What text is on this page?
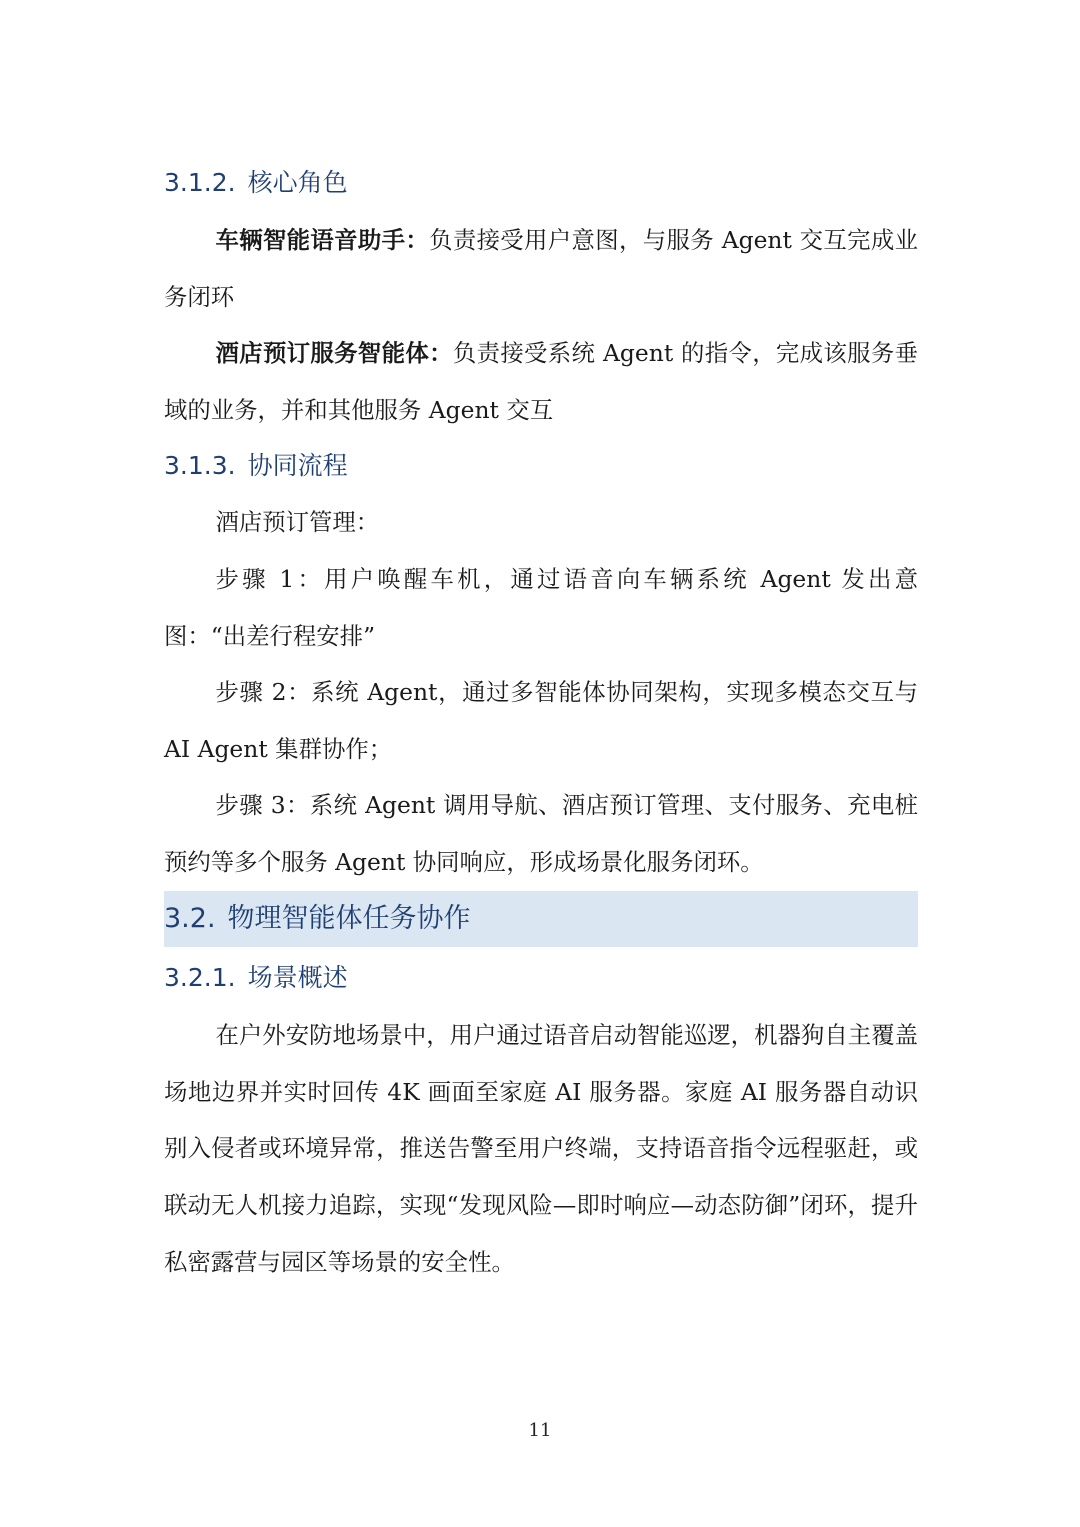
3.1.2. 核心角色

车辆智能语音助手：负责接受用户意图，与服务 Agent 交互完成业务闭环

酒店预订服务智能体：负责接受系统 Agent 的指令，完成该服务垂域的业务，并和其他服务 Agent 交互

3.1.3. 协同流程

酒店预订管理：

步骤 1：用户唤醒车机，通过语音向车辆系统 Agent 发出意图：“出差行程安排”

步骤 2：系统 Agent，通过多智能体协同架构，实现多模态交互与 AI Agent 集群协作；

步骤 3：系统 Agent 调用导航、酒店预订管理、支付服务、充电桩预约等多个服务 Agent 协同响应，形成场景化服务闭环。

3.2. 物理智能体任务协作
3.2.1. 场景概述

在户外安防地场景中，用户通过语音启动智能巡逻，机器狗自主覆盖场地边界并实时回传 4K 画面至家庭 AI 服务器。家庭 AI 服务器自动识别入侵者或环境异常，推送告警至用户终端，支持语音指令远程驱赶，或联动无人机接力追踪，实现“发现风险—即时响应—动态防御”闭环，提升私密露营与园区等场景的安全性。

11
